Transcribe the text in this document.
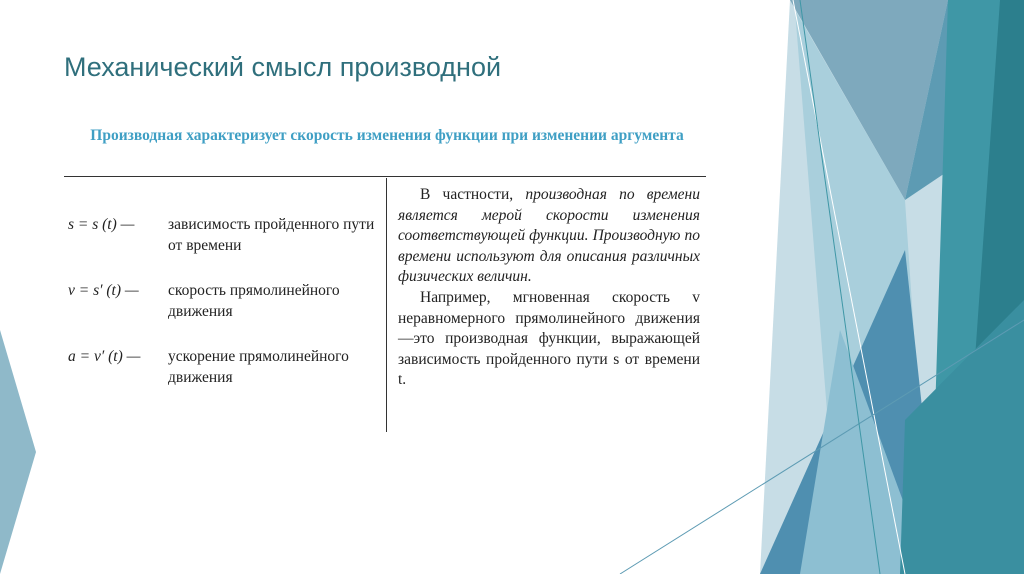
Механический смысл производной
Производная характеризует скорость изменения функции при изменении аргумента
s = s (t) — зависимость пройденного пути от времени
v = s′ (t) — скорость прямолинейного движения
a = v′ (t) — ускорение прямолинейного движения

В частности, производная по времени является мерой скорости изменения соответствующей функции. Производную по времени используют для описания различных физических величин.

Например, мгновенная скорость v неравномерного прямолинейного движения —это производная функции, выражающей зависимость пройденного пути s от времени t.
